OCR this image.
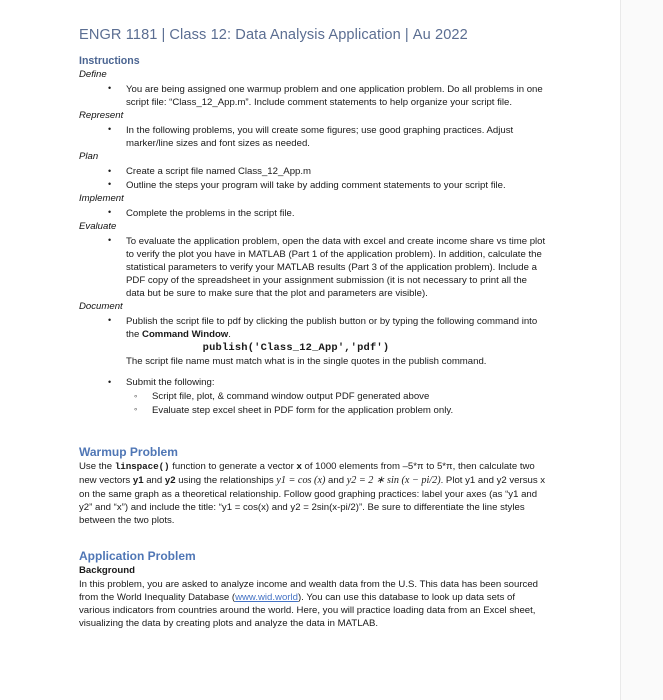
ENGR 1181 | Class 12: Data Analysis Application | Au 2022
Instructions

Define

• You are being assigned one warmup problem and one application problem. Do all problems in one script file: “Class_12_App.m”. Include comment statements to help organize your script file.

Represent

• In the following problems, you will create some figures; use good graphing practices. Adjust marker/line sizes and font sizes as needed.

Plan

• Create a script file named Class_12_App.m
• Outline the steps your program will take by adding comment statements to your script file.

Implement

• Complete the problems in the script file.

Evaluate

• To evaluate the application problem, open the data with excel and create income share vs time plot to verify the plot you have in MATLAB (Part 1 of the application problem). In addition, calculate the statistical parameters to verify your MATLAB results (Part 3 of the application problem). Include a PDF copy of the spreadsheet in your assignment submission (it is not necessary to print all the data but be sure to make sure that the plot and parameters are visible).

Document

• Publish the script file to pdf by clicking the publish button or by typing the following command into the Command Window.

publish('Class_12_App','pdf')

The script file name must match what is in the single quotes in the publish command.

• Submit the following:
◦ Script file, plot, & command window output PDF generated above
◦ Evaluate step excel sheet in PDF form for the application problem only.
Warmup Problem

Use the linspace() function to generate a vector x of 1000 elements from –5*π to 5*π, then calculate two new vectors y1 and y2 using the relationships y1 = cos (x) and y2 = 2 ∗ sin (x − pi/2). Plot y1 and y2 versus x on the same graph as a theoretical relationship. Follow good graphing practices: label your axes (as “y1 and y2” and “x”) and include the title: “y1 = cos(x) and y2 = 2sin(x-pi/2)”. Be sure to differentiate the line styles between the two plots.

Application Problem

Background

In this problem, you are asked to analyze income and wealth data from the U.S. This data has been sourced from the World Inequality Database (www.wid.world). You can use this database to look up data sets of various indicators from countries around the world. Here, you will practice loading data from an Excel sheet, visualizing the data by creating plots and analyze the data in MATLAB.
